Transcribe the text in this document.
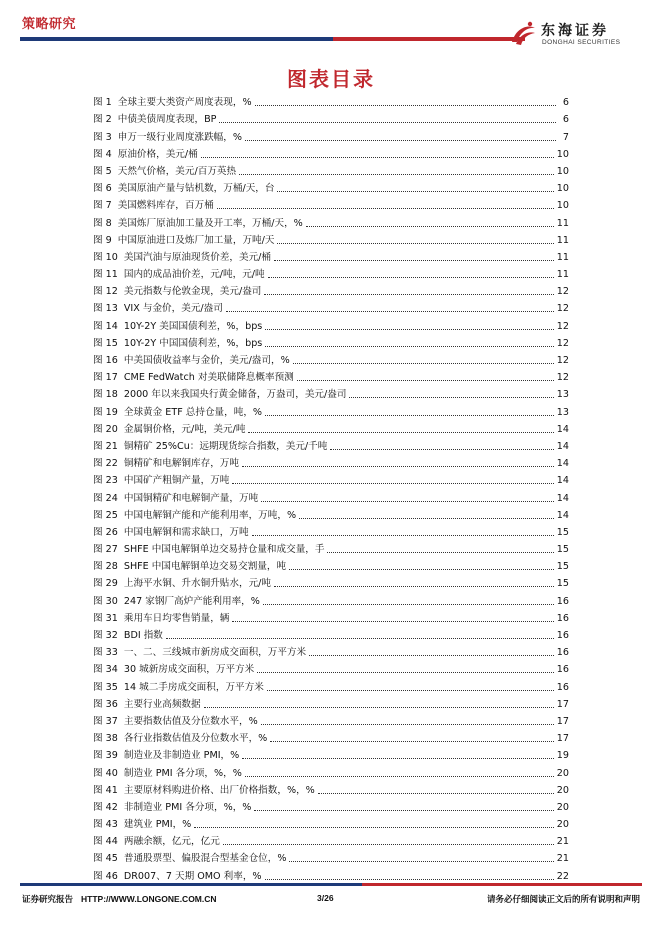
策略研究	东海证券
DONGHAI SECURITIES
图表目录
图 1 全球主要大类资产周度表现，%	6
图 2 中债美债周度表现，BP	6
图 3 申万一级行业周度涨跌幅，%	7
图 4 原油价格，美元/桶	10
图 5 天然气价格，美元/百万英热	10
图 6 美国原油产量与钻机数，万桶/天，台	10
图 7 美国燃料库存，百万桶	10
图 8 美国炼厂原油加工量及开工率，万桶/天，%	11
图 9 中国原油进口及炼厂加工量，万吨/天	11
图 10 美国汽油与原油现货价差，美元/桶	11
图 11 国内的成品油价差，元/吨，元/吨	11
图 12 美元指数与伦敦金现，美元/盎司	12
图 13 VIX 与金价，美元/盎司	12
图 14 10Y-2Y 美国国债利差，%，bps	12
图 15 10Y-2Y 中国国债利差，%，bps	12
图 16 中美国债收益率与金价，美元/盎司，%	12
图 17 CME FedWatch 对美联储降息概率预测	12
图 18 2000 年以来我国央行黄金储备，万盎司，美元/盎司	13
图 19 全球黄金 ETF 总持仓量，吨，%	13
图 20 金属铜价格，元/吨，美元/吨	14
图 21 铜精矿 25%Cu：远期现货综合指数，美元/千吨	14
图 22 铜精矿和电解铜库存，万吨	14
图 23 中国矿产粗铜产量，万吨	14
图 24 中国铜精矿和电解铜产量，万吨	14
图 25 中国电解铜产能和产能利用率，万吨，%	14
图 26 中国电解铜和需求缺口，万吨	15
图 27 SHFE 中国电解铜单边交易持仓量和成交量，手	15
图 28 SHFE 中国电解铜单边交易交割量，吨	15
图 29 上海平水铜、升水铜升贴水，元/吨	15
图 30 247 家钢厂高炉产能利用率，%	16
图 31 乘用车日均零售销量，辆	16
图 32 BDI 指数	16
图 33 一、二、三线城市新房成交面积，万平方米	16
图 34 30 城新房成交面积，万平方米	16
图 35 14 城二手房成交面积，万平方米	16
图 36 主要行业高频数据	17
图 37 主要指数估值及分位数水平，%	17
图 38 各行业指数估值及分位数水平，%	17
图 39 制造业及非制造业 PMI，%	19
图 40 制造业 PMI 各分项，%，%	20
图 41 主要原材料购进价格、出厂价格指数，%，%	20
图 42 非制造业 PMI 各分项，%，%	20
图 43 建筑业 PMI，%	20
图 44 两融余额，亿元，亿元	21
图 45 普通股票型、偏股混合型基金仓位，%	21
图 46 DR007、7 天期 OMO 利率，%	22
证券研究报告 HTTP://WWW.LONGONE.COM.CN	3/26	请务必仔细阅读正文后的所有说明和声明
